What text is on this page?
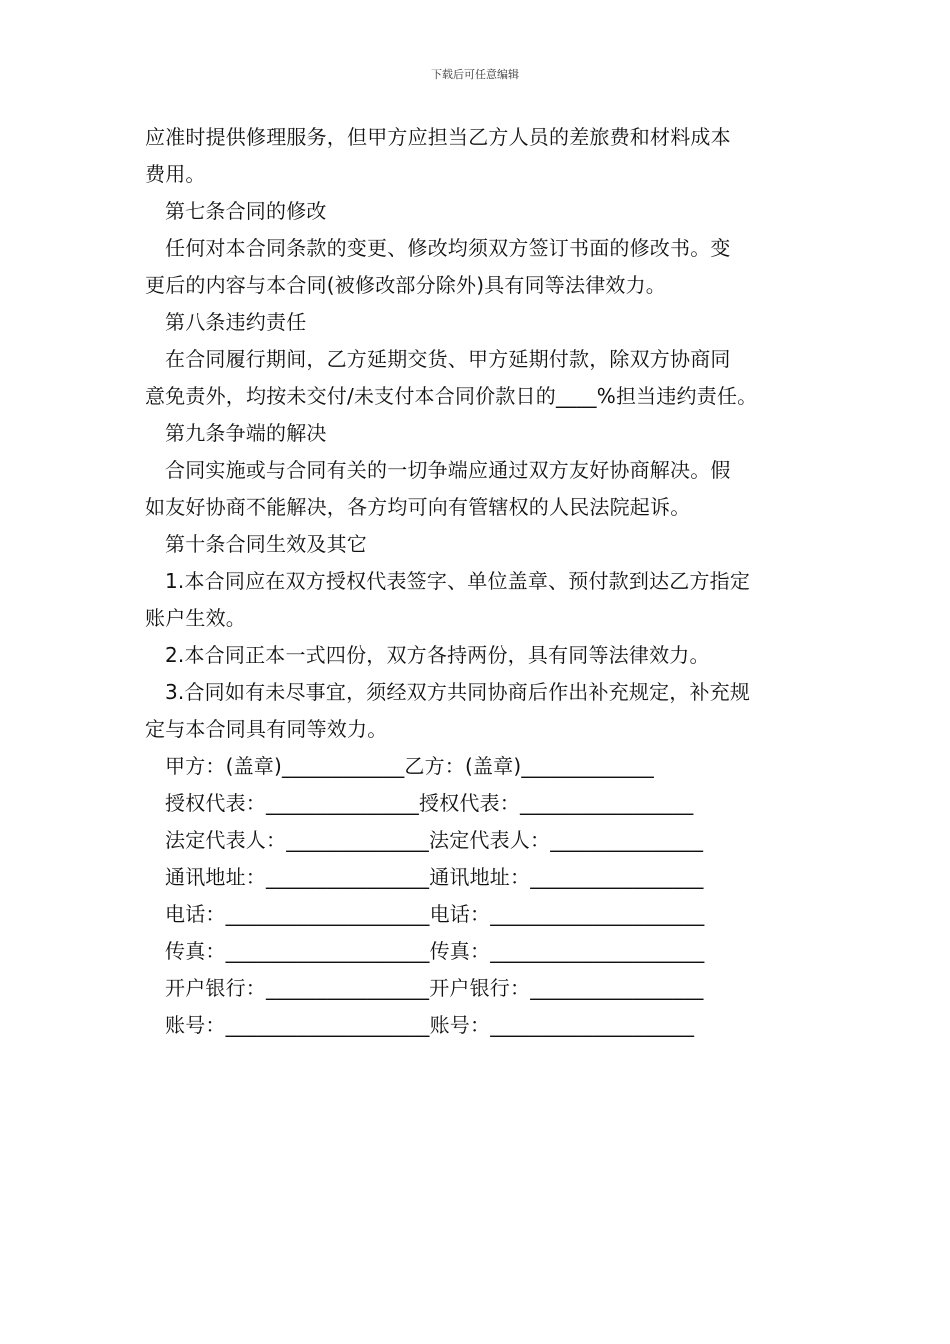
下载后可任意编辑
应准时提供修理服务，但甲方应担当乙方人员的差旅费和材料成本
费用。
第七条合同的修改
任何对本合同条款的变更、修改均须双方签订书面的修改书。变
更后的内容与本合同(被修改部分除外)具有同等法律效力。
第八条违约责任
在合同履行期间，乙方延期交货、甲方延期付款，除双方协商同
意免责外，均按未交付/未支付本合同价款日的____%担当违约责任。
第九条争端的解决
合同实施或与合同有关的一切争端应通过双方友好协商解决。假
如友好协商不能解决，各方均可向有管辖权的人民法院起诉。
第十条合同生效及其它
1.本合同应在双方授权代表签字、单位盖章、预付款到达乙方指定
账户生效。
2.本合同正本一式四份，双方各持两份，具有同等法律效力。
3.合同如有未尽事宜，须经双方共同协商后作出补充规定，补充规
定与本合同具有同等效力。
甲方：(盖章)____________乙方：(盖章)_____________
授权代表：_______________授权代表：_________________
法定代表人：______________法定代表人：_______________
通讯地址：________________通讯地址：_________________
电话：____________________电话：_____________________
传真：____________________传真：_____________________
开户银行：________________开户银行：_________________
账号：____________________账号：____________________
